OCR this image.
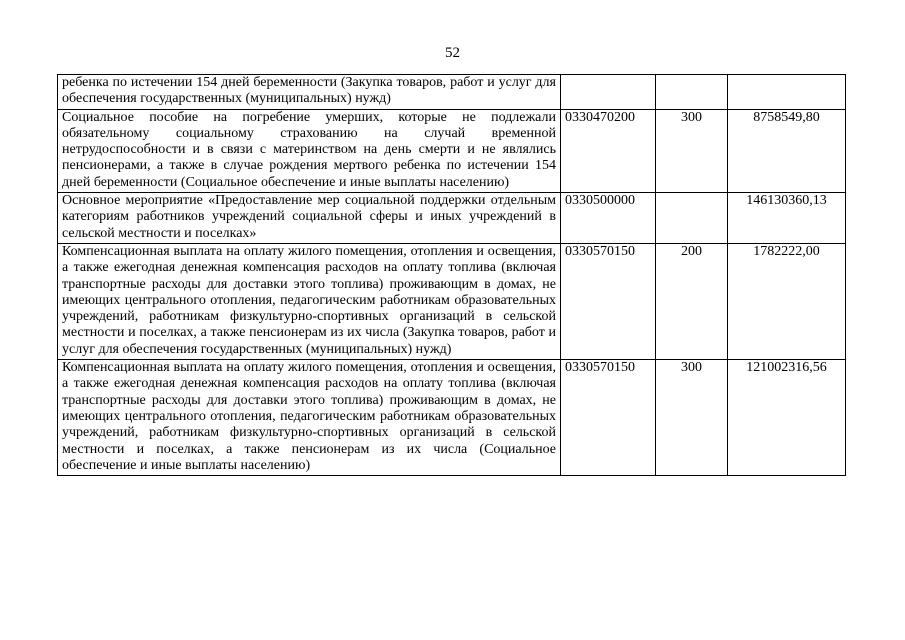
52
ребенка по истечении 154 дней беременности (Закупка товаров, работ и услуг для обеспечения государственных (муниципальных) нужд)			
Социальное пособие на погребение умерших, которые не подлежали обязательному социальному страхованию на случай временной нетрудоспособности и в связи с материнством на день смерти и не являлись пенсионерами, а также в случае рождения мертвого ребенка по истечении 154 дней беременности (Социальное обеспечение и иные выплаты населению)	0330470200	300	8758549,80
Основное мероприятие «Предоставление мер социальной поддержки отдельным категориям работников учреждений социальной сферы и иных учреждений в сельской местности и поселках»	0330500000		146130360,13
Компенсационная выплата на оплату жилого помещения, отопления и освещения, а также ежегодная денежная компенсация расходов на оплату топлива (включая транспортные расходы для доставки этого топлива) проживающим в домах, не имеющих центрального отопления, педагогическим работникам образовательных учреждений, работникам физкультурно-спортивных организаций в сельской местности и поселках, а также пенсионерам из их числа (Закупка товаров, работ и услуг для обеспечения государственных (муниципальных) нужд)	0330570150	200	1782222,00
Компенсационная выплата на оплату жилого помещения, отопления и освещения, а также ежегодная денежная компенсация расходов на оплату топлива (включая транспортные расходы для доставки этого топлива) проживающим в домах, не имеющих центрального отопления, педагогическим работникам образовательных учреждений, работникам физкультурно-спортивных организаций в сельской местности и поселках, а также пенсионерам из их числа (Социальное обеспечение и иные выплаты населению)	0330570150	300	121002316,56
